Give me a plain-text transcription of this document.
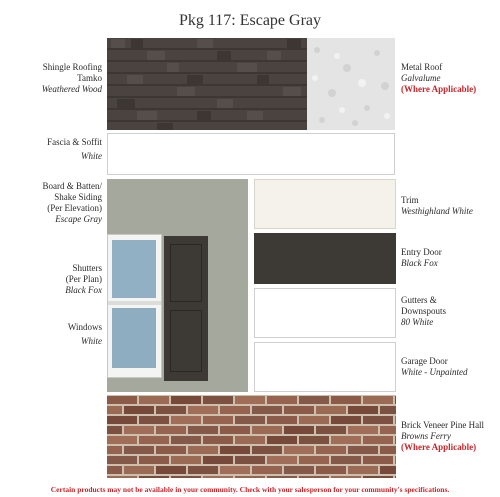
Pkg 117: Escape Gray
Shingle Roofing
Tamko
Weathered Wood
Fascia & Soffit
White
Board & Batten/
Shake Siding
(Per Elevation)
Escape Gray
Shutters
(Per Plan)
Black Fox
Windows
White
Metal Roof
Galvalume
(Where Applicable)
Trim
Westhighland White
Entry Door
Black Fox
Gutters &
Downspouts
80 White
Garage Door
White - Unpainted
Brick Veneer Pine Hall
Browns Ferry
(Where Applicable)
Certain products may not be available in your community. Check with your salesperson for your community's specifications.
